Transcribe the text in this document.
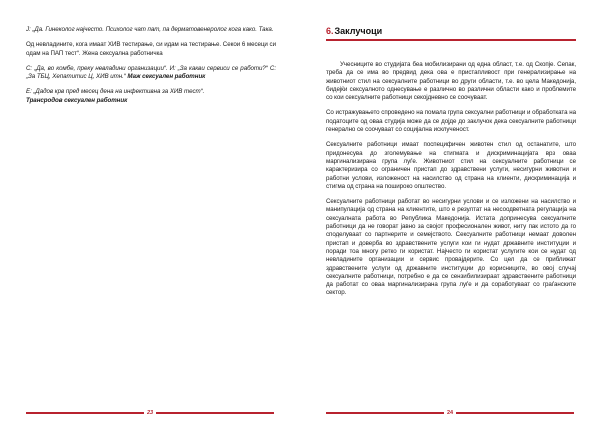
Ј: „Да. Гинеколог најчесто. Психолог чат пат, па дерматовенеролог кога како. Така.

Од невладините, кога имаат ХИВ тестирање, си идам на тестирање. Секои 6 месеци си одам на ПАП тест“. Жена сексуална работничка

С: „Да, во комбе, преку невладини организации“. И: „За какви сервиси се работи?“ С: „За ТБЦ, Хепатитис Ц, ХИВ итн.“ Маж сексуален работник

Е: „Дадов крв пред месец дена на инфективна за ХИВ тест“.
Трансродов сексуален работник

23
6. Заклучоци

Учесниците во студијата беа мобилизирани од една област, т.е. од Скопје. Сепак, треба да се има во предвид дека ова е пристапливост при генерализирање на животниот стил на сексуалните работници во други области, т.е. во цела Македонија, бидејќи сексуалното однесување е различно во различни области како и проблемите со кои сексуалните работници секојдневно се соочуваат.

Со истражувањето спроведено на помала група сексуални работници и обработката на податоците од оваа студија може да се дојде до заклучок дека сексуалните работници генерално се соочуваат со социјална исклученост.

Сексуалните работници имаат поспецифичен животен стил од останатите, што придонесува до зголемување на стигмата и дискриминацијата врз оваа маргинализирана група луѓе. Животниот стил на сексуалните работници се карактеризира со ограничен пристап до здравствени услуги, несигурни животни и работни услови, изложеност на насилство од страна на клиенти, дискриминација и стигма од страна на пошироко општество.

Сексуалните работници работат во несигурни услови и се изложени на насилство и манипулација од страна на клиентите, што е резултат на несоодветната регулација на сексуалната работа во Република Македонија. Истата допринесува сексуалните работници да не говорат јавно за својот професионален живот, ниту пак истото да го споделуваат со партнерите и семејството. Сексуалните работници немаат доволен пристап и доверба во здравствените услуги кои ги нудат државните институции и поради тоа многу ретко ги користат. Најчесто ги користат услугите кои се нудат од невладините организации и сервис провајдерите. Со цел да се приближат здравствените услуги од државните институции до корисниците, во овој случај сексуалните работници, потребно е да се сензибилизираат здравствените работници да работат со оваа маргинализирана група луѓе и да соработуваат со граѓанските сектор.

24
